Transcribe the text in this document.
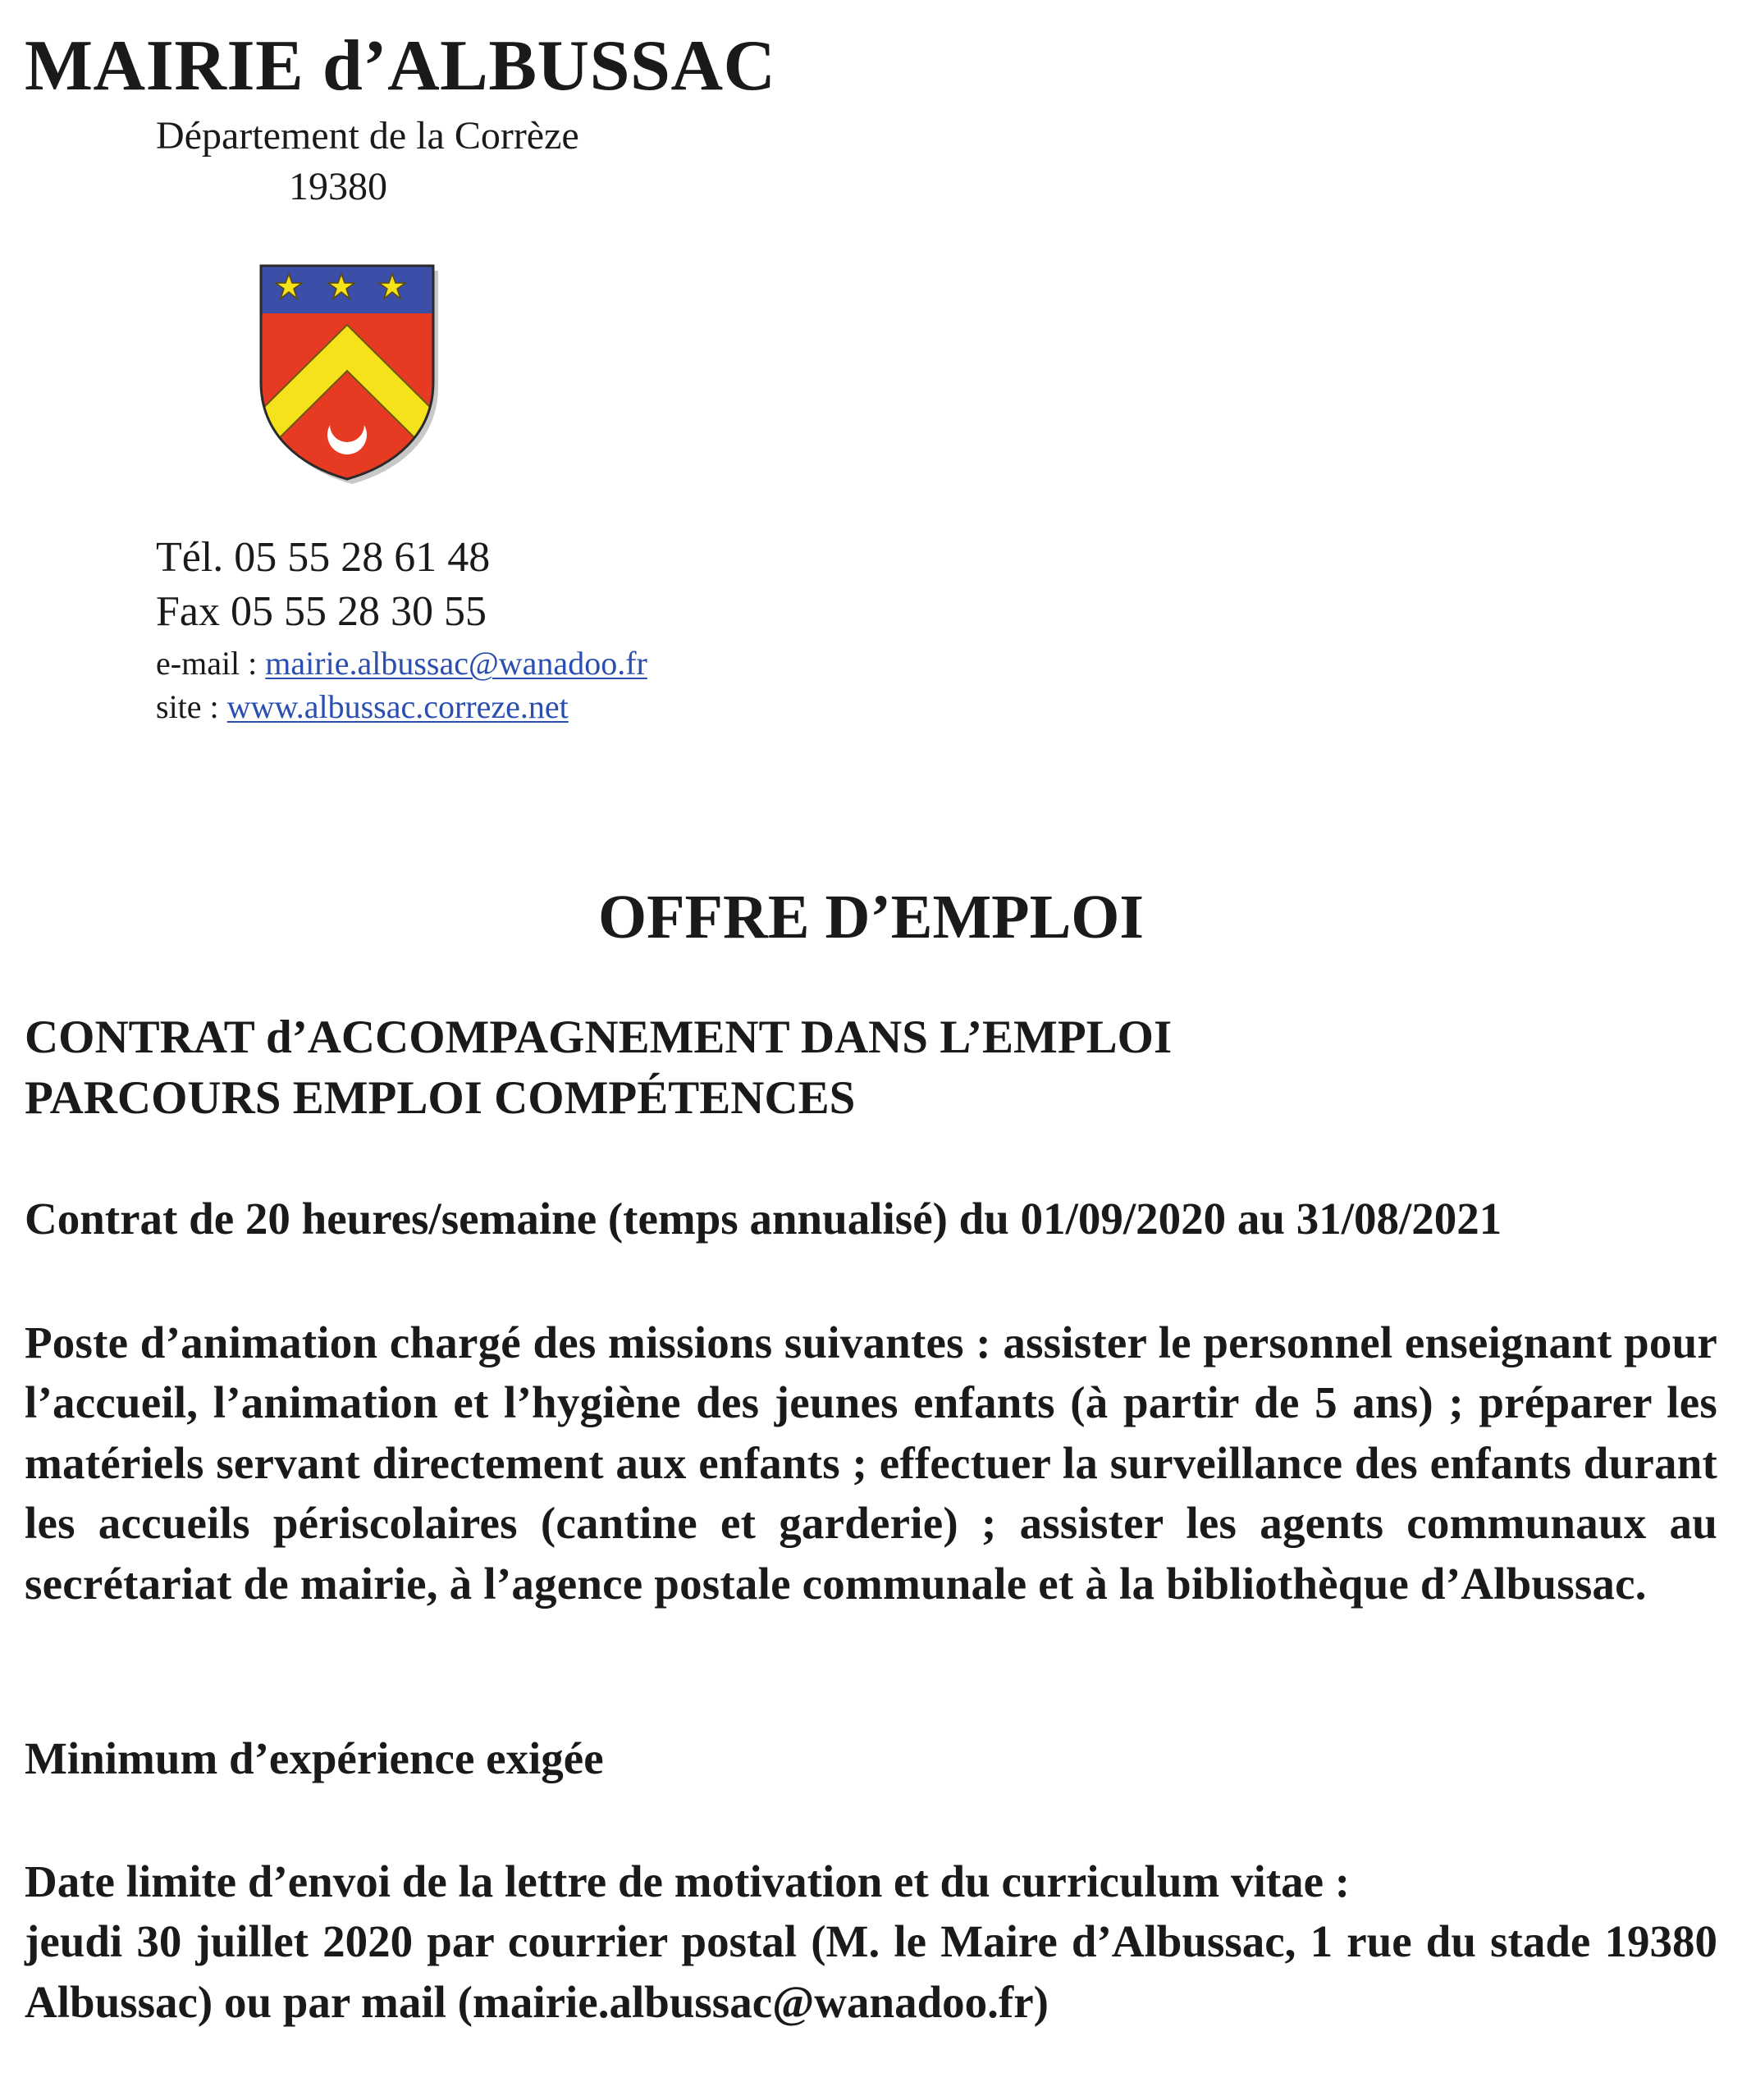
MAIRIE d’ALBUSSAC
Département de la Corrèze
19380
Tél. 05 55 28 61 48
Fax 05 55 28 30 55
e-mail : mairie.albussac@wanadoo.fr
site : www.albussac.correze.net
OFFRE D’EMPLOI
CONTRAT d’ACCOMPAGNEMENT DANS L’EMPLOI
PARCOURS EMPLOI COMPÉTENCES
Contrat de 20 heures/semaine (temps annualisé) du 01/09/2020 au 31/08/2021
Poste d’animation chargé des missions suivantes : assister le personnel enseignant pour l’accueil, l’animation et l’hygiène des jeunes enfants (à partir de 5 ans) ; préparer les matériels servant directement aux enfants ; effectuer la surveillance des enfants durant les accueils périscolaires (cantine et garderie) ; assister les agents communaux au secrétariat de mairie, à l’agence postale communale et à la bibliothèque d’Albussac.
Minimum d’expérience exigée
Date limite d’envoi de la lettre de motivation et du curriculum vitae :
jeudi 30 juillet 2020 par courrier postal (M. le Maire d’Albussac, 1 rue du stade 19380 Albussac) ou par mail (mairie.albussac@wanadoo.fr)
